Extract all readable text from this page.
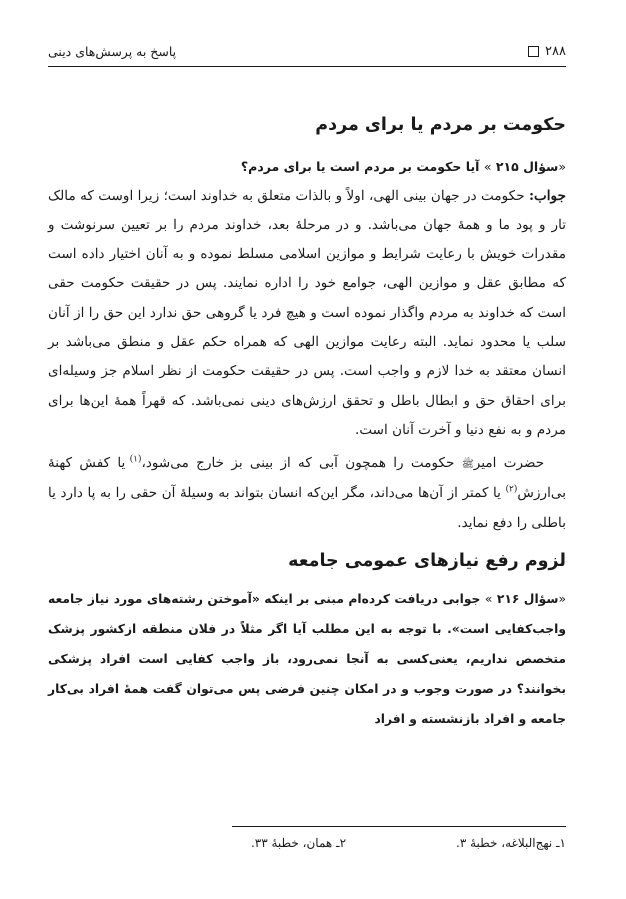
۲۸۸
پاسخ به پرسش‌های دینی
حکومت بر مردم یا برای مردم

«سؤال ۲۱۵ » آیا حکومت بر مردم است یا برای مردم؟

جواب: حکومت در جهان بینی الهی، اولاً و بالذات متعلق به خداوند است؛ زیرا اوست که مالک تار و پود ما و همهٔ جهان می‌باشد. و در مرحلهٔ بعد، خداوند مردم را بر تعیین سرنوشت و مقدرات خویش با رعایت شرایط و موازین اسلامی مسلط نموده و به آنان اختیار داده است که مطابق عقل و موازین الهی، جوامع خود را اداره نمایند. پس در حقیقت حکومت حقی است که خداوند به مردم واگذار نموده است و هیچ فرد یا گروهی حق ندارد این حق را از آنان سلب یا محدود نماید. البته رعایت موازین الهی که همراه حکم عقل و منطق می‌باشد بر انسان معتقد به خدا لازم و واجب است. پس در حقیقت حکومت از نظر اسلام جز وسیله‌ای برای احقاق حق و ابطال باطل و تحقق ارزش‌های دینی نمی‌باشد. که قهراً همهٔ این‌ها برای مردم و به نفع دنیا و آخرت آنان است.

حضرت امیرﷺ حکومت را همچون آبی که از بینی بز خارج می‌شود،$^{(۱)}$ یا کفش کهنهٔ بی‌ارزش$^{(۲)}$ یا کمتر از آن‌ها می‌داند، مگر این‌که انسان بتواند به وسیلهٔ آن حقی را به پا دارد یا باطلی را دفع نماید.

لزوم رفع نیازهای عمومی جامعه

«سؤال ۲۱۶ » جوابی دریافت کرده‌ام مبنی بر اینکه «آموختن رشته‌های مورد نیاز جامعه واجب‌کفایی است». با توجه به این مطلب آیا اگر مثلاً در فلان منطقه ازکشور پزشک متخصص نداریم، یعنی‌کسی به آنجا نمی‌رود، باز واجب کفایی است افراد پزشکی بخوانند؟ در صورت وجوب و در امکان چنین فرضی پس می‌توان گفت همهٔ افراد بی‌کار جامعه و افراد بازنشسته و افراد

۱ـ نهج‌البلاغه، خطبهٔ ۳.
۲ـ همان، خطبهٔ ۳۳.
